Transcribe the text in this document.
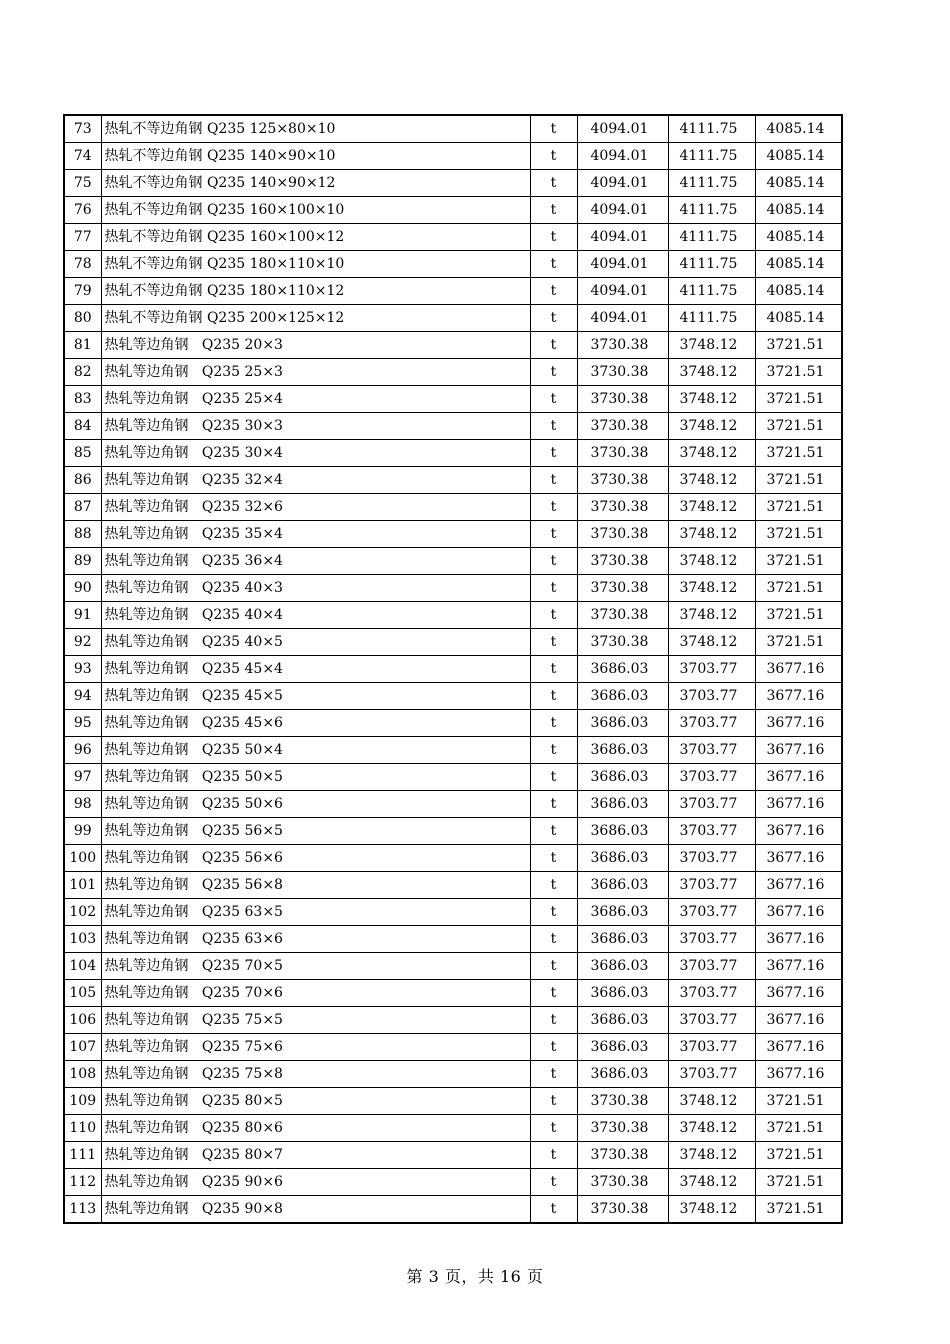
73	热轧不等边角钢 Q235 125×80×10	t	4094.01	4111.75	4085.14
74	热轧不等边角钢 Q235 140×90×10	t	4094.01	4111.75	4085.14
75	热轧不等边角钢 Q235 140×90×12	t	4094.01	4111.75	4085.14
76	热轧不等边角钢 Q235 160×100×10	t	4094.01	4111.75	4085.14
77	热轧不等边角钢 Q235 160×100×12	t	4094.01	4111.75	4085.14
78	热轧不等边角钢 Q235 180×110×10	t	4094.01	4111.75	4085.14
79	热轧不等边角钢 Q235 180×110×12	t	4094.01	4111.75	4085.14
80	热轧不等边角钢 Q235 200×125×12	t	4094.01	4111.75	4085.14
81	热轧等边角钢   Q235 20×3	t	3730.38	3748.12	3721.51
82	热轧等边角钢   Q235 25×3	t	3730.38	3748.12	3721.51
83	热轧等边角钢   Q235 25×4	t	3730.38	3748.12	3721.51
84	热轧等边角钢   Q235 30×3	t	3730.38	3748.12	3721.51
85	热轧等边角钢   Q235 30×4	t	3730.38	3748.12	3721.51
86	热轧等边角钢   Q235 32×4	t	3730.38	3748.12	3721.51
87	热轧等边角钢   Q235 32×6	t	3730.38	3748.12	3721.51
88	热轧等边角钢   Q235 35×4	t	3730.38	3748.12	3721.51
89	热轧等边角钢   Q235 36×4	t	3730.38	3748.12	3721.51
90	热轧等边角钢   Q235 40×3	t	3730.38	3748.12	3721.51
91	热轧等边角钢   Q235 40×4	t	3730.38	3748.12	3721.51
92	热轧等边角钢   Q235 40×5	t	3730.38	3748.12	3721.51
93	热轧等边角钢   Q235 45×4	t	3686.03	3703.77	3677.16
94	热轧等边角钢   Q235 45×5	t	3686.03	3703.77	3677.16
95	热轧等边角钢   Q235 45×6	t	3686.03	3703.77	3677.16
96	热轧等边角钢   Q235 50×4	t	3686.03	3703.77	3677.16
97	热轧等边角钢   Q235 50×5	t	3686.03	3703.77	3677.16
98	热轧等边角钢   Q235 50×6	t	3686.03	3703.77	3677.16
99	热轧等边角钢   Q235 56×5	t	3686.03	3703.77	3677.16
100	热轧等边角钢   Q235 56×6	t	3686.03	3703.77	3677.16
101	热轧等边角钢   Q235 56×8	t	3686.03	3703.77	3677.16
102	热轧等边角钢   Q235 63×5	t	3686.03	3703.77	3677.16
103	热轧等边角钢   Q235 63×6	t	3686.03	3703.77	3677.16
104	热轧等边角钢   Q235 70×5	t	3686.03	3703.77	3677.16
105	热轧等边角钢   Q235 70×6	t	3686.03	3703.77	3677.16
106	热轧等边角钢   Q235 75×5	t	3686.03	3703.77	3677.16
107	热轧等边角钢   Q235 75×6	t	3686.03	3703.77	3677.16
108	热轧等边角钢   Q235 75×8	t	3686.03	3703.77	3677.16
109	热轧等边角钢   Q235 80×5	t	3730.38	3748.12	3721.51
110	热轧等边角钢   Q235 80×6	t	3730.38	3748.12	3721.51
111	热轧等边角钢   Q235 80×7	t	3730.38	3748.12	3721.51
112	热轧等边角钢   Q235 90×6	t	3730.38	3748.12	3721.51
113	热轧等边角钢   Q235 90×8	t	3730.38	3748.12	3721.51
第 3 页，共 16 页
